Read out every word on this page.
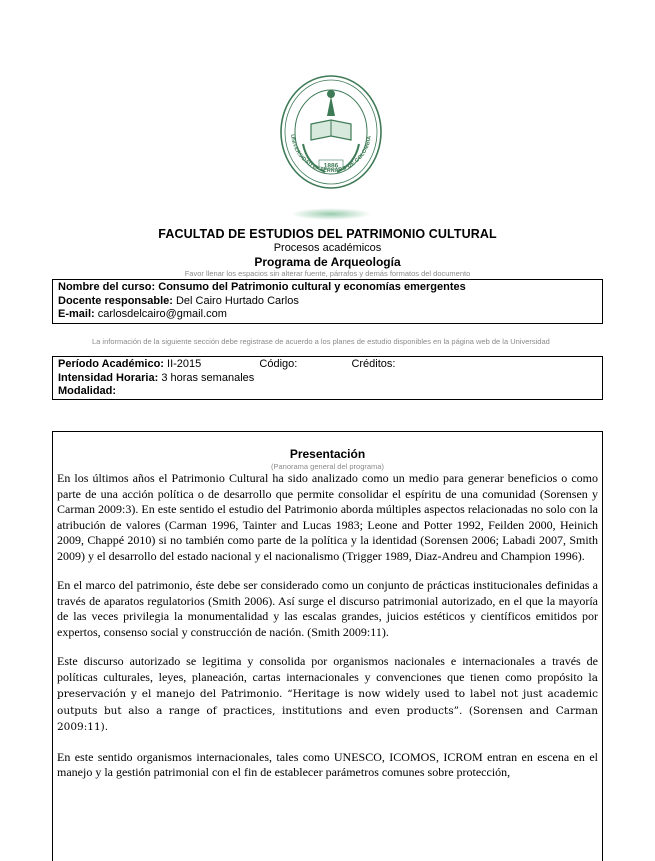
1886
UNIVERSIDAD EXTERNADO DE COLOMBIA
FACULTAD DE ESTUDIOS DEL PATRIMONIO CULTURAL
Procesos académicos
Programa de Arqueología
Favor llenar los espacios sin alterar fuente, párrafos y demás formatos del documento
Nombre del curso: Consumo del Patrimonio cultural y economías emergentes
Docente responsable: Del Cairo Hurtado Carlos
E-mail: carlosdelcairo@gmail.com
La información de la siguiente sección debe registrase de acuerdo a los planes de estudio disponibles en la página web de la Universidad
Período Académico: II-2015	Código:	Créditos:
Intensidad Horaria: 3 horas semanales
Modalidad:
Presentación
(Panorama general del programa)

En los últimos años el Patrimonio Cultural ha sido analizado como un medio para generar beneficios o como parte de una acción política o de desarrollo que permite consolidar el espíritu de una comunidad (Sorensen y Carman 2009:3). En este sentido el estudio del Patrimonio aborda múltiples aspectos relacionadas no solo con la atribución de valores (Carman 1996, Tainter and Lucas 1983; Leone and Potter 1992, Feilden 2000, Heinich 2009, Chappé 2010) si no también como parte de la política y la identidad (Sorensen 2006; Labadi 2007, Smith 2009) y el desarrollo del estado nacional y el nacionalismo (Trigger 1989, Diaz-Andreu and Champion 1996).

En el marco del patrimonio, éste debe ser considerado como un conjunto de prácticas institucionales definidas a través de aparatos regulatorios (Smith 2006). Así surge el discurso patrimonial autorizado, en el que la mayoría de las veces privilegia la monumentalidad y las escalas grandes, juicios estéticos y científicos emitidos por expertos, consenso social y construcción de nación. (Smith 2009:11).

Este discurso autorizado se legitima y consolida por organismos nacionales e internacionales a través de políticas culturales, leyes, planeación, cartas internacionales y convenciones que tienen como propósito la preservación y el manejo del Patrimonio. “Heritage is now widely used to label not just academic outputs but also a range of practices, institutions and even products”. (Sorensen and Carman 2009:11).

En este sentido organismos internacionales, tales como UNESCO, ICOMOS, ICROM entran en escena en el manejo y la gestión patrimonial con el fin de establecer parámetros comunes sobre protección,
